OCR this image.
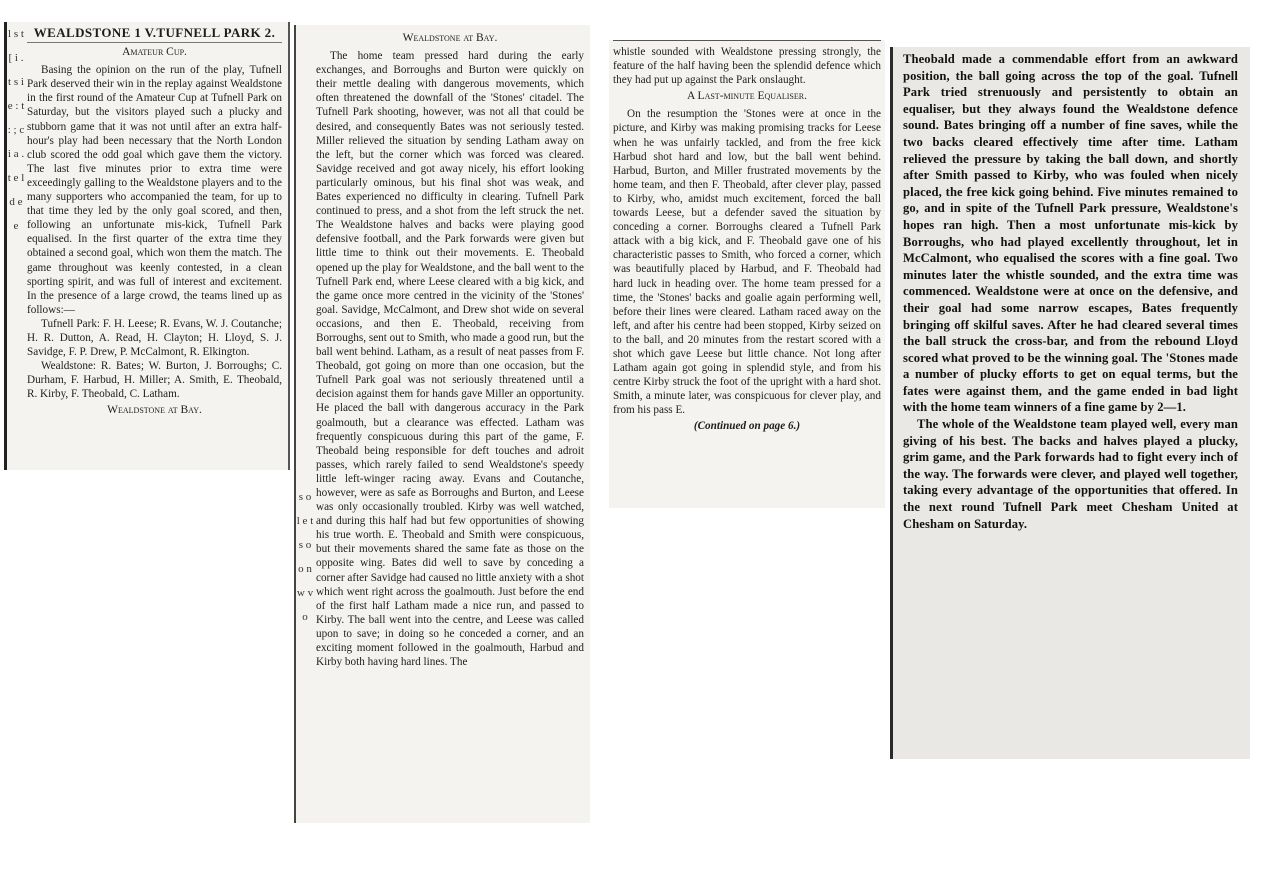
l s t [ i . t s i e : t : ; c i a . t e l d e e
WEALDSTONE 1 V.TUFNELL PARK 2.
Amateur Cup.

Basing the opinion on the run of the play, Tufnell Park deserved their win in the replay against Wealdstone in the first round of the Amateur Cup at Tufnell Park on Saturday, but the visitors played such a plucky and stubborn game that it was not until after an extra half-hour's play had been necessary that the North London club scored the odd goal which gave them the victory. The last five minutes prior to extra time were exceedingly galling to the Wealdstone players and to the many supporters who accompanied the team, for up to that time they led by the only goal scored, and then, following an unfortunate mis-kick, Tufnell Park equalised. In the first quarter of the extra time they obtained a second goal, which won them the match. The game throughout was keenly contested, in a clean sporting spirit, and was full of interest and excitement. In the presence of a large crowd, the teams lined up as follows:—

Tufnell Park: F. H. Leese; R. Evans, W. J. Coutanche; H. R. Dutton, A. Read, H. Clayton; H. Lloyd, S. J. Savidge, F. P. Drew, P. McCalmont, R. Elkington.

Wealdstone: R. Bates; W. Burton, J. Borroughs; C. Durham, F. Harbud, H. Miller; A. Smith, E. Theobald, R. Kirby, F. Theobald, C. Latham.

Wealdstone at Bay.
s o l e t s o o n w v o
Wealdstone at Bay.

The home team pressed hard during the early exchanges, and Borroughs and Burton were quickly on their mettle dealing with dangerous movements, which often threatened the downfall of the 'Stones' citadel. The Tufnell Park shooting, however, was not all that could be desired, and consequently Bates was not seriously tested. Miller relieved the situation by sending Latham away on the left, but the corner which was forced was cleared. Savidge received and got away nicely, his effort looking particularly ominous, but his final shot was weak, and Bates experienced no difficulty in clearing. Tufnell Park continued to press, and a shot from the left struck the net. The Wealdstone halves and backs were playing good defensive football, and the Park forwards were given but little time to think out their movements. E. Theobald opened up the play for Wealdstone, and the ball went to the Tufnell Park end, where Leese cleared with a big kick, and the game once more centred in the vicinity of the 'Stones' goal. Savidge, McCalmont, and Drew shot wide on several occasions, and then E. Theobald, receiving from Borroughs, sent out to Smith, who made a good run, but the ball went behind. Latham, as a result of neat passes from F. Theobald, got going on more than one occasion, but the Tufnell Park goal was not seriously threatened until a decision against them for hands gave Miller an opportunity. He placed the ball with dangerous accuracy in the Park goalmouth, but a clearance was effected. Latham was frequently conspicuous during this part of the game, F. Theobald being responsible for deft touches and adroit passes, which rarely failed to send Wealdstone's speedy little left-winger racing away. Evans and Coutanche, however, were as safe as Borroughs and Burton, and Leese was only occasionally troubled. Kirby was well watched, and during this half had but few opportunities of showing his true worth. E. Theobald and Smith were conspicuous, but their movements shared the same fate as those on the opposite wing. Bates did well to save by conceding a corner after Savidge had caused no little anxiety with a shot which went right across the goalmouth. Just before the end of the first half Latham made a nice run, and passed to Kirby. The ball went into the centre, and Leese was called upon to save; in doing so he conceded a corner, and an exciting moment followed in the goalmouth, Harbud and Kirby both having hard lines. The

whistle sounded with Wealdstone pressing strongly, the feature of the half having been the splendid defence which they had put up against the Park onslaught.

A Last-minute Equaliser.

On the resumption the 'Stones were at once in the picture, and Kirby was making promising tracks for Leese when he was unfairly tackled, and from the free kick Harbud shot hard and low, but the ball went behind. Harbud, Burton, and Miller frustrated movements by the home team, and then F. Theobald, after clever play, passed to Kirby, who, amidst much excitement, forced the ball towards Leese, but a defender saved the situation by conceding a corner. Borroughs cleared a Tufnell Park attack with a big kick, and F. Theobald gave one of his characteristic passes to Smith, who forced a corner, which was beautifully placed by Harbud, and F. Theobald had hard luck in heading over. The home team pressed for a time, the 'Stones' backs and goalie again performing well, before their lines were cleared. Latham raced away on the left, and after his centre had been stopped, Kirby seized on to the ball, and 20 minutes from the restart scored with a shot which gave Leese but little chance. Not long after Latham again got going in splendid style, and from his centre Kirby struck the foot of the upright with a hard shot. Smith, a minute later, was conspicuous for clever play, and from his pass E.

(Continued on page 6.)

Theobald made a commendable effort from an awkward position, the ball going across the top of the goal. Tufnell Park tried strenuously and persistently to obtain an equaliser, but they always found the Wealdstone defence sound. Bates bringing off a number of fine saves, while the two backs cleared effectively time after time. Latham relieved the pressure by taking the ball down, and shortly after Smith passed to Kirby, who was fouled when nicely placed, the free kick going behind. Five minutes remained to go, and in spite of the Tufnell Park pressure, Wealdstone's hopes ran high. Then a most unfortunate mis-kick by Borroughs, who had played excellently throughout, let in McCalmont, who equalised the scores with a fine goal. Two minutes later the whistle sounded, and the extra time was commenced. Wealdstone were at once on the defensive, and their goal had some narrow escapes, Bates frequently bringing off skilful saves. After he had cleared several times the ball struck the cross-bar, and from the rebound Lloyd scored what proved to be the winning goal. The 'Stones made a number of plucky efforts to get on equal terms, but the fates were against them, and the game ended in bad light with the home team winners of a fine game by 2—1.

The whole of the Wealdstone team played well, every man giving of his best. The backs and halves played a plucky, grim game, and the Park forwards had to fight every inch of the way. The forwards were clever, and played well together, taking every advantage of the opportunities that offered. In the next round Tufnell Park meet Chesham United at Chesham on Saturday.
